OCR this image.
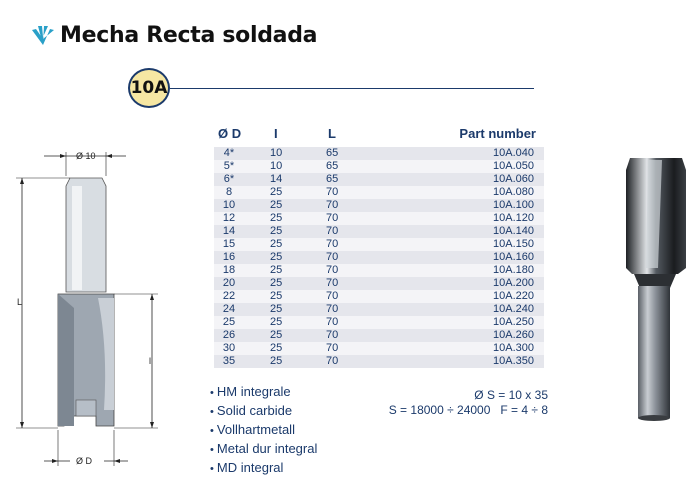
Mecha Recta soldada
10A
Ø 10
L
l
Ø D
Ø D	I	L	Part number
4*	10	65	10A.040
5*	10	65	10A.050
6*	14	65	10A.060
8	25	70	10A.080
10	25	70	10A.100
12	25	70	10A.120
14	25	70	10A.140
15	25	70	10A.150
16	25	70	10A.160
18	25	70	10A.180
20	25	70	10A.200
22	25	70	10A.220
24	25	70	10A.240
25	25	70	10A.250
26	25	70	10A.260
30	25	70	10A.300
35	25	70	10A.350
• HM integrale
• Solid carbide
• Vollhartmetall
• Metal dur integral
• MD integral
Ø S = 10 x 35
S = 18000 ÷ 24000   F = 4 ÷ 8
